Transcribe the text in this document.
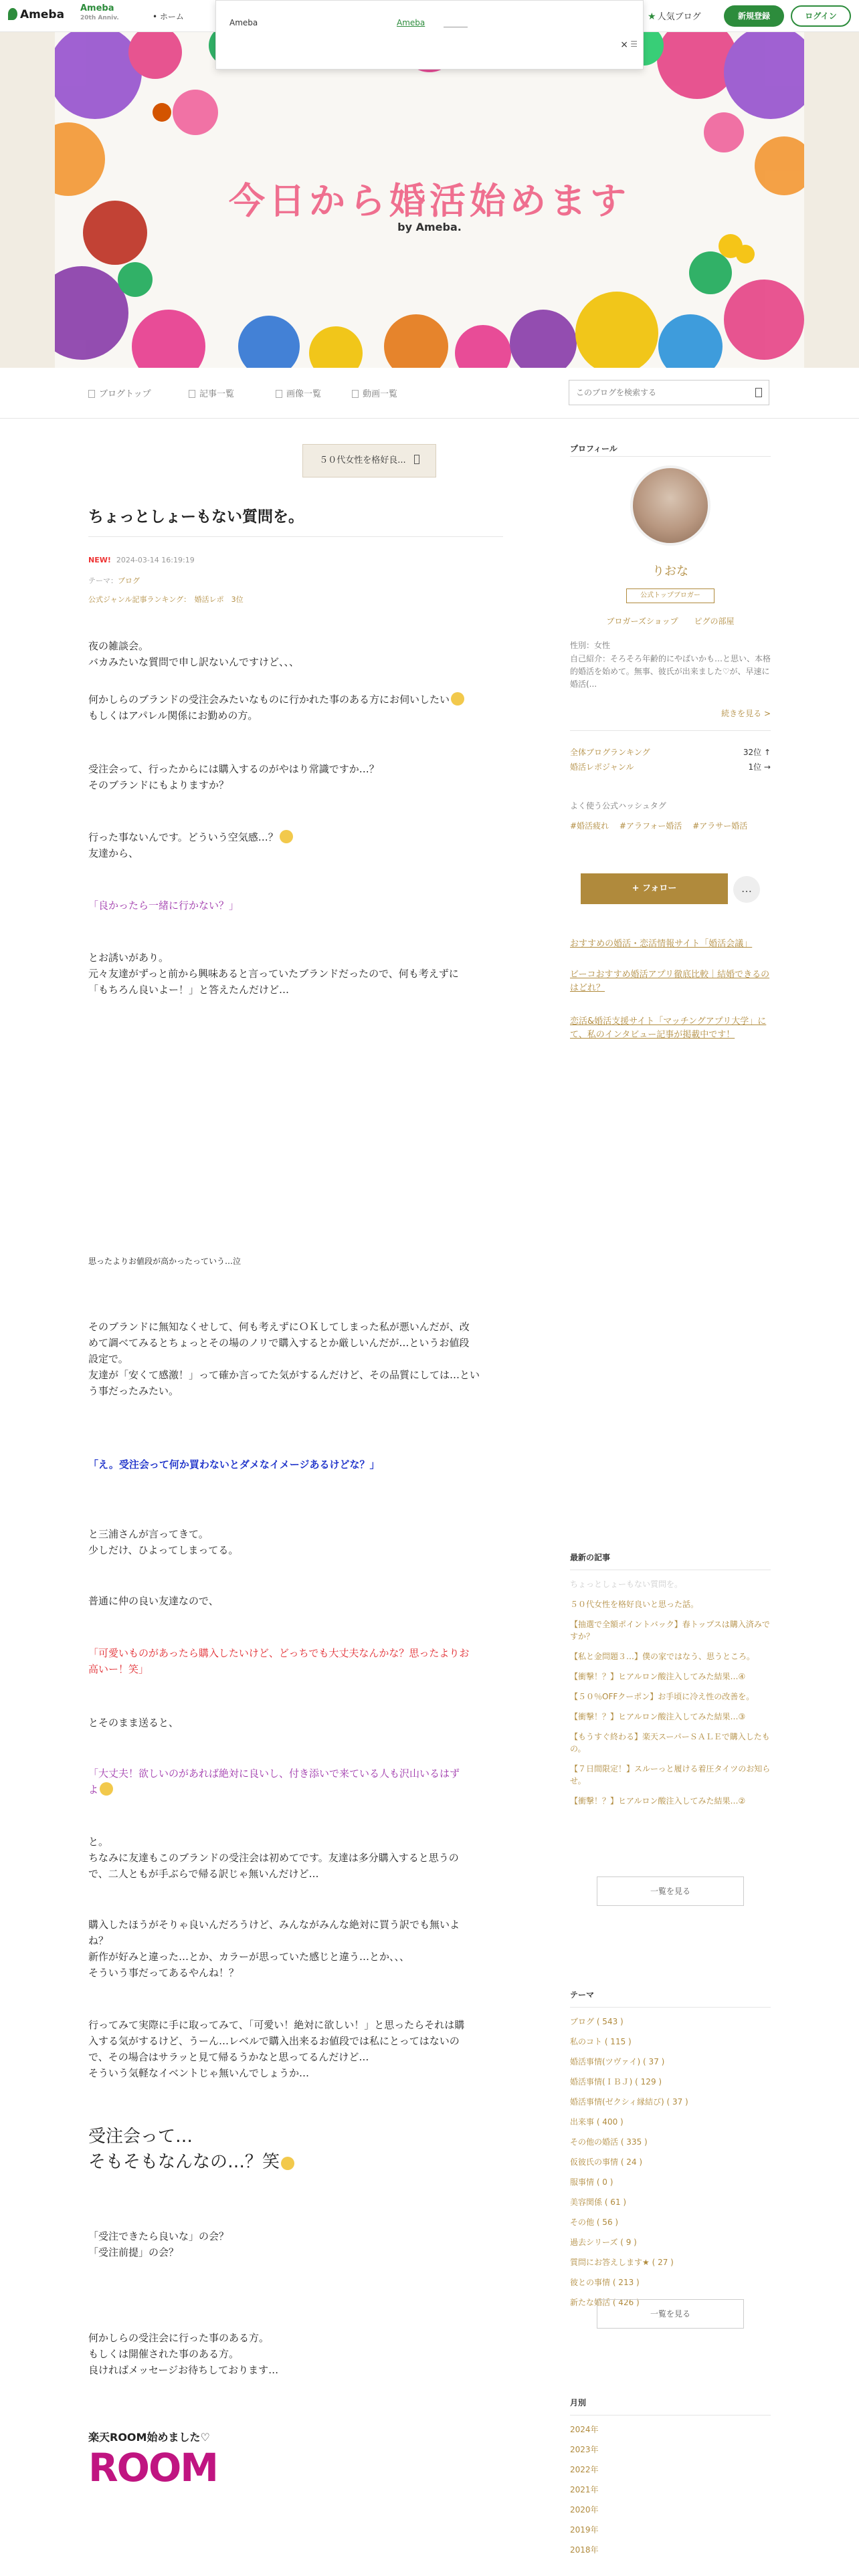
Ameba Ameba
20th Anniv.	• ホーム	★ 人気ブログ	新規登録	ログイン
Ameba	Ameba
× ☰
今日から婚活始めます
by Ameba.
ブログトップ	記事一覧	画像一覧	動画一覧
このブログを検索する
５０代女性を格好良...
ちょっとしょーもない質問を。
NEW! 2024-03-14 16:19:19
テーマ：ブログ
公式ジャンル記事ランキング：　婚活レポ　3位

夜の雑談会。

バカみたいな質問で申し訳ないんですけど、、、

何かしらのブランドの受注会みたいなものに行かれた事のある方にお伺いしたい

もしくはアパレル関係にお勤めの方。

受注会って、行ったからには購入するのがやはり常識ですか…？

そのブランドにもよりますか？

行った事ないんです。どういう空気感…？

友達から、

「良かったら一緒に行かない？」

とお誘いがあり。

元々友達がずっと前から興味あると言っていたブランドだったので、何も考えずに

「もちろん良いよー！」と答えたんだけど…

思ったよりお値段が高かったっていう…泣

そのブランドに無知なくせして、何も考えずにＯＫしてしまった私が悪いんだが、改

めて調べてみるとちょっとその場のノリで購入するとか厳しいんだが…というお値段

設定で。

友達が「安くて感激！」って確か言ってた気がするんだけど、その品質にしては…とい

う事だったみたい。

「え。受注会って何か買わないとダメなイメージあるけどな？」

と三浦さんが言ってきて。

少しだけ、ひよってしまってる。

普通に仲の良い友達なので、

「可愛いものがあったら購入したいけど、どっちでも大丈夫なんかな？思ったよりお

高いー！笑」

とそのまま送ると、

「大丈夫！欲しいのがあれば絶対に良いし、付き添いで来ている人も沢山いるはず

よ

と。

ちなみに友達もこのブランドの受注会は初めてです。友達は多分購入すると思うの

で、二人ともが手ぶらで帰る訳じゃ無いんだけど…

購入したほうがそりゃ良いんだろうけど、みんながみんな絶対に買う訳でも無いよ

ね？

新作が好みと違った…とか、カラーが思っていた感じと違う…とか、、、

そういう事だってあるやんね！？

行ってみて実際に手に取ってみて、「可愛い！絶対に欲しい！」と思ったらそれは購

入する気がするけど、うーん…レベルで購入出来るお値段では私にとってはないの

で、その場合はサラッと見て帰るうかなと思ってるんだけど…

そういう気軽なイベントじゃ無いんでしょうか…

受注会って…

そもそもなんなの…？笑

「受注できたら良いな」の会？

「受注前提」の会？

何かしらの受注会に行った事のある方。

もしくは開催された事のある方。

良ければメッセージお待ちしております…

楽天ROOM始めました♡
ROOM
プロフィール
りおな
公式トップブロガー
ブロガーズショップ ピグの部屋
性別：女性
自己紹介：そろそろ年齢的にやばいかも…と思い、本格的婚活を始めて。無事、彼氏が出来ました♡が、早速に婚活(...
続きを見る >
全体ブログランキング	32位 ↑
婚活レポジャンル	1位 →
よく使う公式ハッシュタグ
#婚活疲れ #アラフォー婚活 #アラサー婚活
+ フォロー	…
おすすめの婚活・恋活情報サイト「婚活会議」
ビーコおすすめ婚活アプリ徹底比較｜結婚できるのはどれ？
恋活&婚活支援サイト「マッチングアプリ大学」にて、私のインタビュー記事が掲載中です！
最新の記事
ちょっとしょーもない質問を。
５０代女性を格好良いと思った話。
【抽選で全額ポイントバック】春トップスは購入済みですか？
【私と金問題３…】僕の家ではなう、思うところ。
【衝撃！？】ヒアルロン酸注入してみた結果…④
【５０％OFFクーポン】お手頃に冷え性の改善を。
【衝撃！？】ヒアルロン酸注入してみた結果…③
【もうすぐ終わる】楽天スーパーＳＡＬＥで購入したもの。
【７日間限定！】スルーっと履ける着圧タイツのお知らせ。
【衝撃！？】ヒアルロン酸注入してみた結果…②
一覧を見る
テーマ
ブログ ( 543 )
私のコト ( 115 )
婚活事情(ツヴァイ) ( 37 )
婚活事情(ＩＢＪ) ( 129 )
婚活事情(ゼクシィ縁結び) ( 37 )
出来事 ( 400 )
その他の婚活 ( 335 )
仮彼氏の事情 ( 24 )
服事情 ( 0 )
美容関係 ( 61 )
その他 ( 56 )
過去シリーズ ( 9 )
質問にお答えします★ ( 27 )
彼との事情 ( 213 )
新たな婚活 ( 426 )
一覧を見る
月別
2024年
2023年
2022年
2021年
2020年
2019年
2018年
